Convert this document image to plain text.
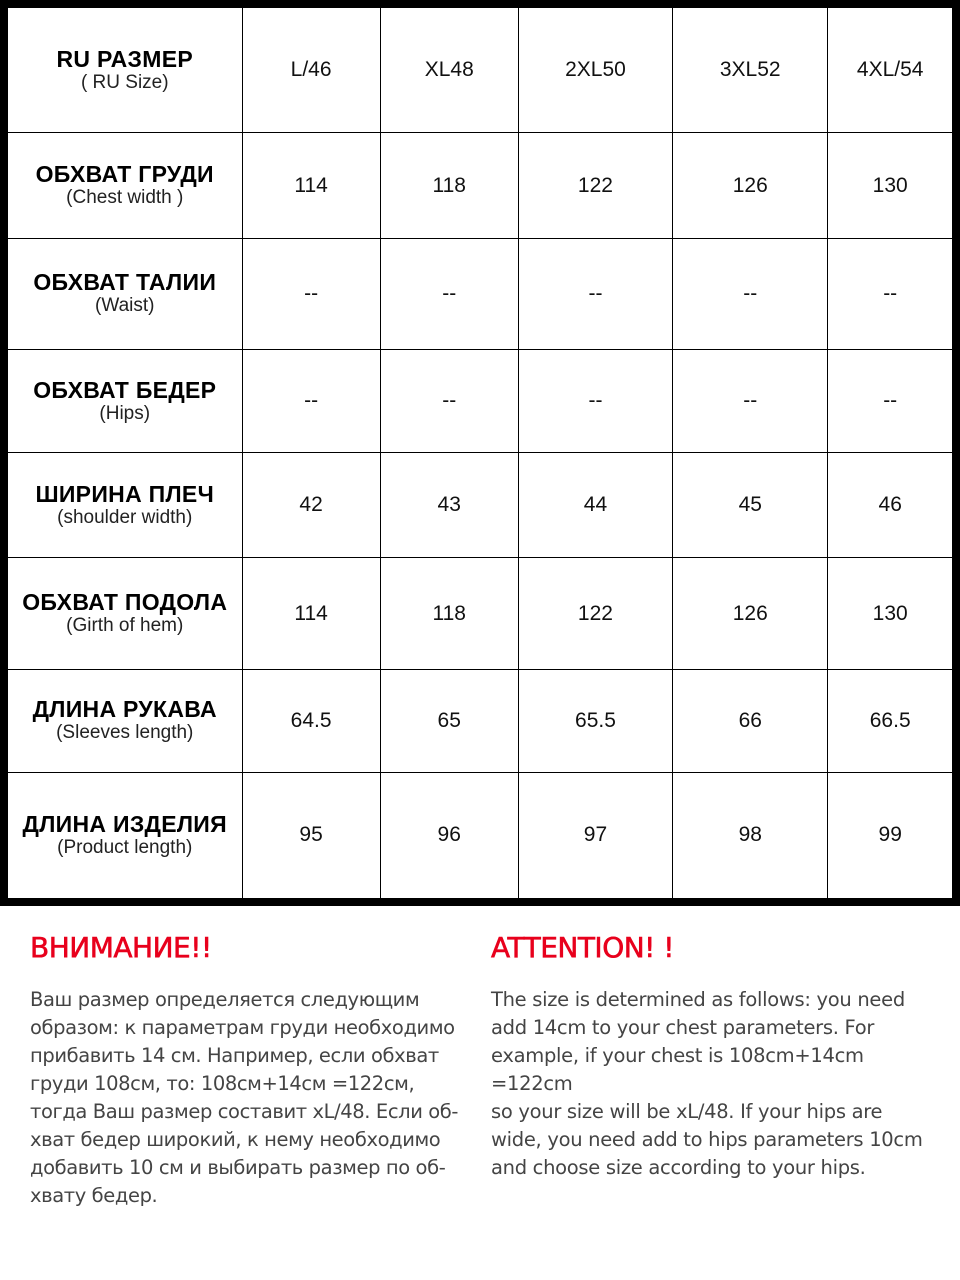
RU РАЗМЕР
( RU Size)	L/46	XL48	2XL50	3XL52	4XL/54

ОБХВАТ ГРУДИ
(Chest width )	114	118	122	126	130

ОБХВАТ ТАЛИИ
(Waist)	--	--	--	--	--

ОБХВАТ БЕДЕР
(Hips)	--	--	--	--	--

ШИРИНА ПЛЕЧ
(shoulder width)	42	43	44	45	46

ОБХВАТ ПОДОЛА
(Girth of hem)	114	118	122	126	130

ДЛИНА РУКАВА
(Sleeves length)	64.5	65	65.5	66	66.5

ДЛИНА ИЗДЕЛИЯ
(Product length)	95	96	97	98	99
ВНИМАНИЕ!!

Ваш размер определяется следующим
образом: к параметрам груди необходимо
прибавить 14 см. Например, если обхват
груди 108см, то: 108см+14см =122см,
тогда Ваш размер составит xL/48. Если об-
хват бедер широкий, к нему необходимо
добавить 10 см и выбирать размер по об-
хвату бедер.

ATTENTION! !

The size is determined as follows: you need
add 14cm to your chest parameters. For
example, if your chest is 108cm+14cm =122cm
so your size will be xL/48. If your hips are
wide, you need add to hips parameters 10cm
and choose size according to your hips.
